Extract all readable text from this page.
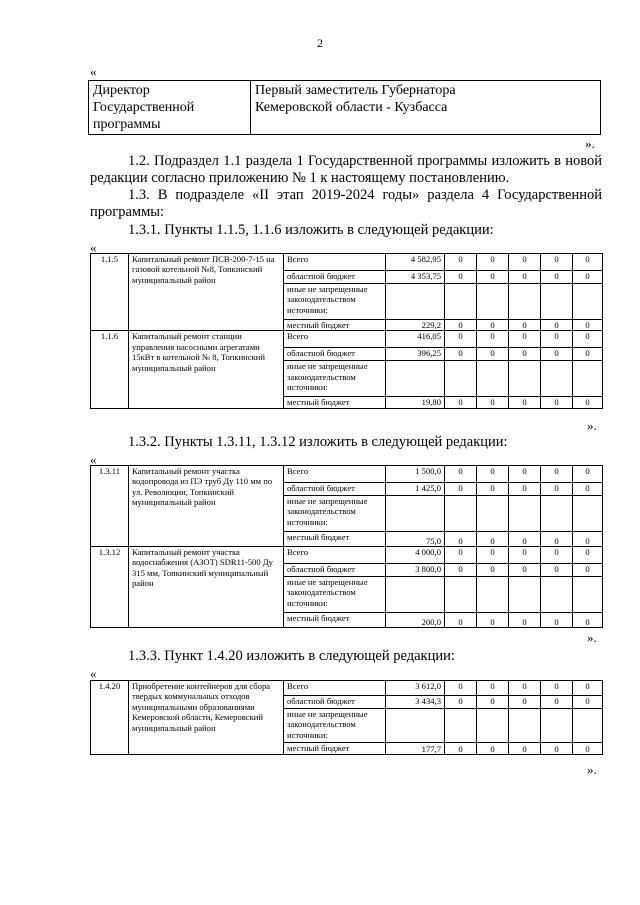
2
«
Директор
Государственной
программы

Первый заместитель Губернатора
Кемеровской области - Кузбасса
».
1.2. Подраздел 1.1 раздела 1 Государственной программы изложить в новой редакции согласно приложению № 1 к настоящему постановлению.
1.3. В подразделе «II этап 2019-2024 годы» раздела 4 Государственной программы:
1.3.1. Пункты 1.1.5, 1.1.6 изложить в следующей редакции:
«
1.1.5	Капитальный ремонт ПСВ-200-7-15 на газовой котельной №8, Топкинский муниципальный район	Всего	4 582,95	0	0	0	0	0
		областной бюджет	4 353,75	0	0	0	0	0
		иные не запрещенные законодательством источники:						
		местный бюджет	229,2	0	0	0	0	0
1.1.6	Капитальный ремонт станции управления насосными агрегатами 15кВт в котельной № 8, Топкинский муниципальный район	Всего	416,05	0	0	0	0	0
		областной бюджет	396,25	0	0	0	0	0
		иные не запрещенные законодательством источники:						
		местный бюджет	19,80	0	0	0	0	0
».
1.3.2. Пункты 1.3.11, 1.3.12 изложить в следующей редакции:
«
1.3.11	Капитальный ремонт участка водопровода из ПЭ труб Ду 110 мм по ул. Революции, Топкинский муниципальный район	Всего	1 500,0	0	0	0	0	0
		областной бюджет	1 425,0	0	0	0	0	0
		иные не запрещенные законодательством источники:						
		местный бюджет	75,0	0	0	0	0	0
1.3.12	Капитальный ремонт участка водоснабжения (АЗОТ) SDR11-500 Ду 315 мм, Топкинский муниципальный район	Всего	4 000,0	0	0	0	0	0
		областной бюджет	3 800,0	0	0	0	0	0
		иные не запрещенные законодательством источники:						
		местный бюджет	200,0	0	0	0	0	0
».
1.3.3. Пункт 1.4.20 изложить в следующей редакции:
«
1.4.20	Приобретение контейнеров для сбора твердых коммунальных отходов муниципальными образованиями Кемеровской области, Кемеровский муниципальный район	Всего	3 612,0	0	0	0	0	0
		областной бюджет	3 434,3	0	0	0	0	0
		иные не запрещенные законодательством источники:						
		местный бюджет	177,7	0	0	0	0	0
».
